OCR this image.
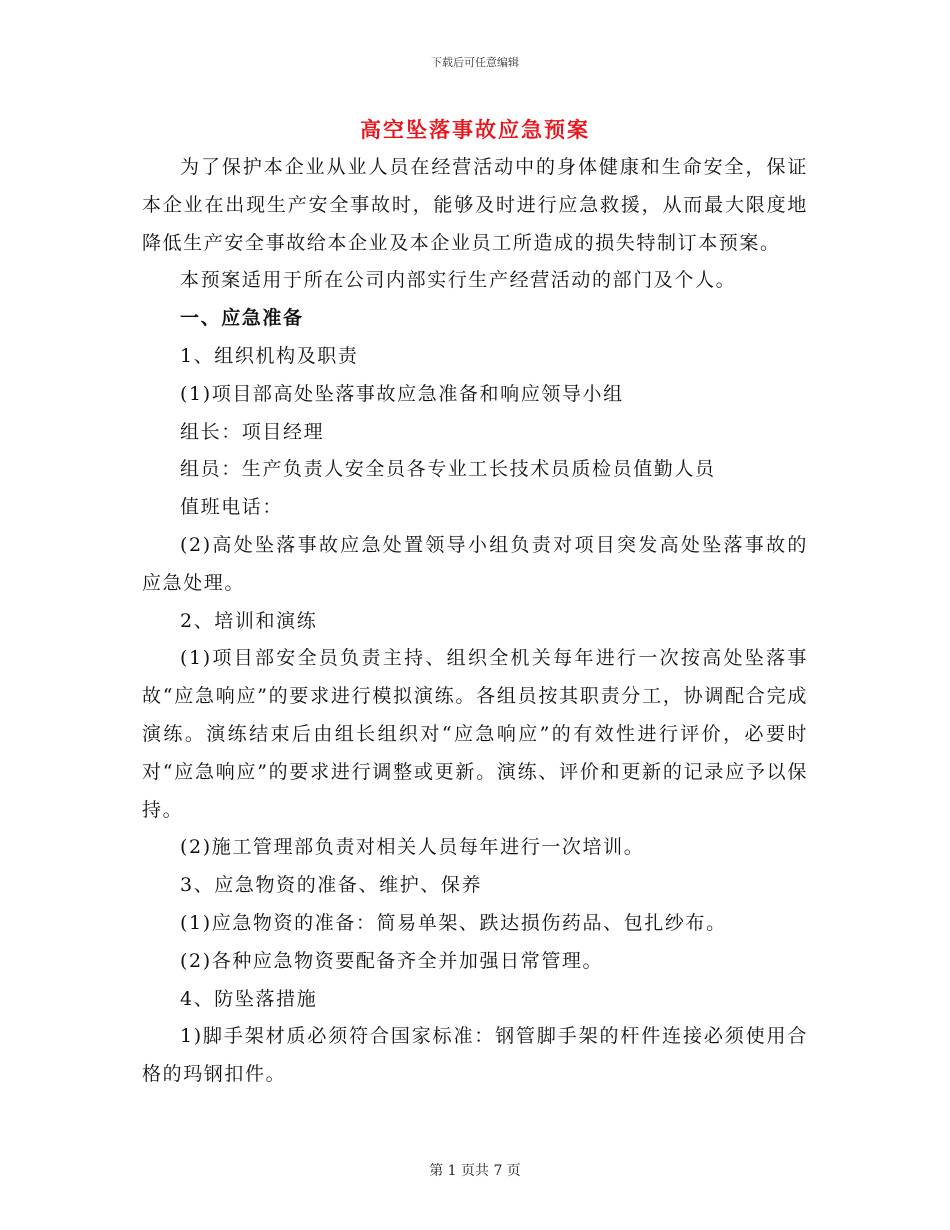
下载后可任意编辑
高空坠落事故应急预案

为了保护本企业从业人员在经营活动中的身体健康和生命安全，保证本企业在出现生产安全事故时，能够及时进行应急救援，从而最大限度地降低生产安全事故给本企业及本企业员工所造成的损失特制订本预案。

本预案适用于所在公司内部实行生产经营活动的部门及个人。

一、应急准备

1、组织机构及职责

(1)项目部高处坠落事故应急准备和响应领导小组

组长：项目经理

组员：生产负责人安全员各专业工长技术员质检员值勤人员

值班电话：

(2)高处坠落事故应急处置领导小组负责对项目突发高处坠落事故的应急处理。

2、培训和演练

(1)项目部安全员负责主持、组织全机关每年进行一次按高处坠落事故“应急响应”的要求进行模拟演练。各组员按其职责分工，协调配合完成演练。演练结束后由组长组织对“应急响应”的有效性进行评价，必要时对“应急响应”的要求进行调整或更新。演练、评价和更新的记录应予以保持。

(2)施工管理部负责对相关人员每年进行一次培训。

3、应急物资的准备、维护、保养

(1)应急物资的准备：简易单架、跌达损伤药品、包扎纱布。

(2)各种应急物资要配备齐全并加强日常管理。

4、防坠落措施

1)脚手架材质必须符合国家标准：钢管脚手架的杆件连接必须使用合格的玛钢扣件。

第 1 页共 7 页
